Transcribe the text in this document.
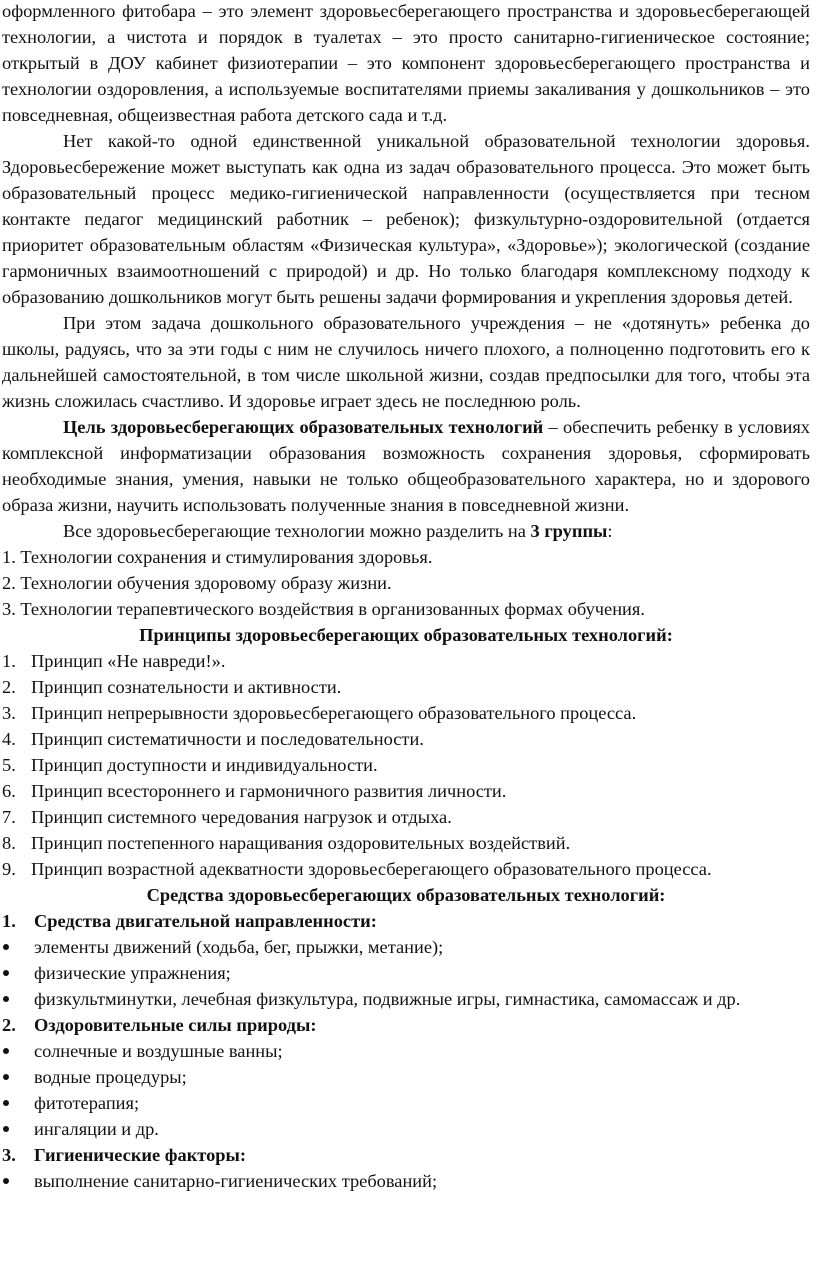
оформленного фитобара – это элемент здоровьесберегающего пространства и здоровьесберегающей технологии, а чистота и порядок в туалетах – это просто санитарно-гигиеническое состояние; открытый в ДОУ кабинет физиотерапии – это компонент здоровьесберегающего пространства и технологии оздоровления, а используемые воспитателями приемы закаливания у дошкольников – это повседневная, общеизвестная работа детского сада и т.д.

Нет какой-то одной единственной уникальной образовательной технологии здоровья. Здоровьесбережение может выступать как одна из задач образовательного процесса. Это может быть образовательный процесс медико-гигиенической направленности (осуществляется при тесном контакте педагог медицинский работник – ребенок); физкультурно-оздоровительной (отдается приоритет образовательным областям «Физическая культура», «Здоровье»); экологической (создание гармоничных взаимоотношений с природой) и др. Но только благодаря комплексному подходу к образованию дошкольников могут быть решены задачи формирования и укрепления здоровья детей.

При этом задача дошкольного образовательного учреждения – не «дотянуть» ребенка до школы, радуясь, что за эти годы с ним не случилось ничего плохого, а полноценно подготовить его к дальнейшей самостоятельной, в том числе школьной жизни, создав предпосылки для того, чтобы эта жизнь сложилась счастливо. И здоровье играет здесь не последнюю роль.

Цель здоровьесберегающих образовательных технологий – обеспечить ребенку в условиях комплексной информатизации образования возможность сохранения здоровья, сформировать необходимые знания, умения, навыки не только общеобразовательного характера, но и здорового образа жизни, научить использовать полученные знания в повседневной жизни.

Все здоровьесберегающие технологии можно разделить на 3 группы:

1. Технологии сохранения и стимулирования здоровья.
2. Технологии обучения здоровому образу жизни.
3. Технологии терапевтического воздействия в организованных формах обучения.
Принципы здоровьесберегающих образовательных технологий:
1. Принцип «Не навреди!».
2. Принцип сознательности и активности.
3. Принцип непрерывности здоровьесберегающего образовательного процесса.
4. Принцип систематичности и последовательности.
5. Принцип доступности и индивидуальности.
6. Принцип всестороннего и гармоничного развития личности.
7. Принцип системного чередования нагрузок и отдыха.
8. Принцип постепенного наращивания оздоровительных воздействий.
9. Принцип возрастной адекватности здоровьесберегающего образовательного процесса.
Средства здоровьесберегающих образовательных технологий:
1. Средства двигательной направленности:
элементы движений (ходьба, бег, прыжки, метание);
физические упражнения;
физкультминутки, лечебная физкультура, подвижные игры, гимнастика, самомассаж и др.
2. Оздоровительные силы природы:
солнечные и воздушные ванны;
водные процедуры;
фитотерапия;
ингаляции и др.
3. Гигиенические факторы:
выполнение санитарно-гигиенических требований;
